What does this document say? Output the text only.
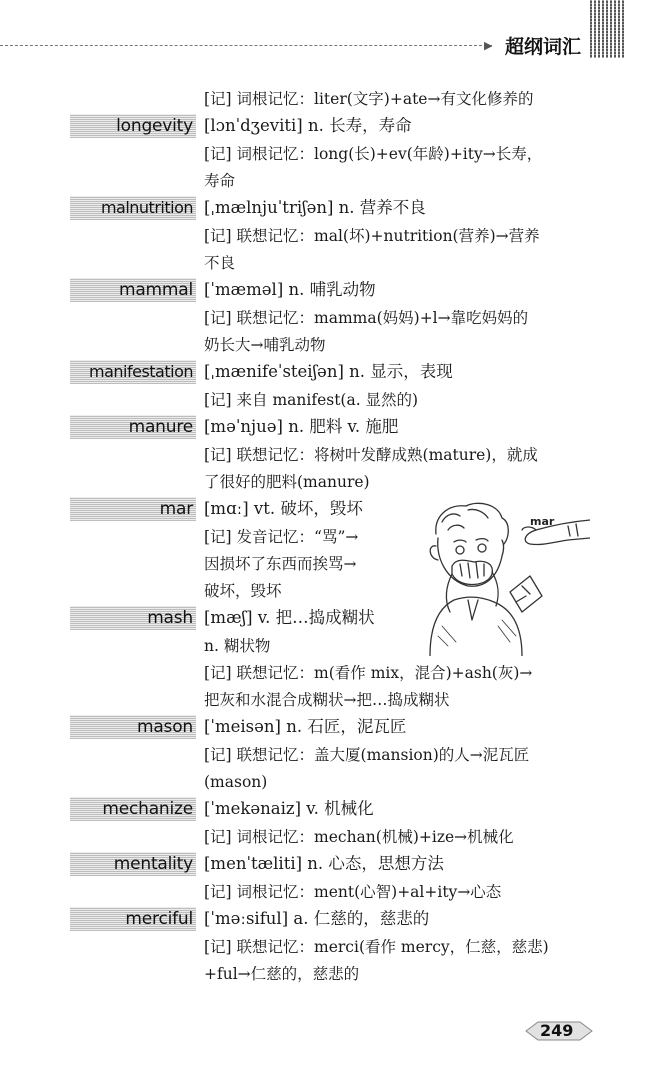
▶ 超纲词汇
[记] 词根记忆：liter(文字)+ate→有文化修养的
longevity [lɔnˈdʒeviti] n. 长寿，寿命
[记] 词根记忆：long(长)+ev(年龄)+ity→长寿，
寿命
malnutrition [ˌmælnjuˈtriʃən] n. 营养不良
[记] 联想记忆：mal(坏)+nutrition(营养)→营养
不良
mammal [ˈmæməl] n. 哺乳动物
[记] 联想记忆：mamma(妈妈)+l→靠吃妈妈的
奶长大→哺乳动物
manifestation [ˌmænifeˈsteiʃən] n. 显示，表现
[记] 来自 manifest(a. 显然的)
manure [məˈnjuə] n. 肥料 v. 施肥
[记] 联想记忆：将树叶发酵成熟(mature)，就成
了很好的肥料(manure)
mar [mɑː] vt. 破坏，毁坏
[记] 发音记忆：“骂”→
因损坏了东西而挨骂→
破坏，毁坏
mash [mæʃ] v. 把…捣成糊状
n. 糊状物
[记] 联想记忆：m(看作 mix，混合)+ash(灰)→
把灰和水混合成糊状→把…捣成糊状
mason [ˈmeisən] n. 石匠，泥瓦匠
[记] 联想记忆：盖大厦(mansion)的人→泥瓦匠
(mason)
mechanize [ˈmekənaiz] v. 机械化
[记] 词根记忆：mechan(机械)+ize→机械化
mentality [menˈtæliti] n. 心态，思想方法
[记] 词根记忆：ment(心智)+al+ity→心态
merciful [ˈməːsiful] a. 仁慈的，慈悲的
[记] 联想记忆：merci(看作 mercy，仁慈，慈悲)
+ful→仁慈的，慈悲的
mar
249
